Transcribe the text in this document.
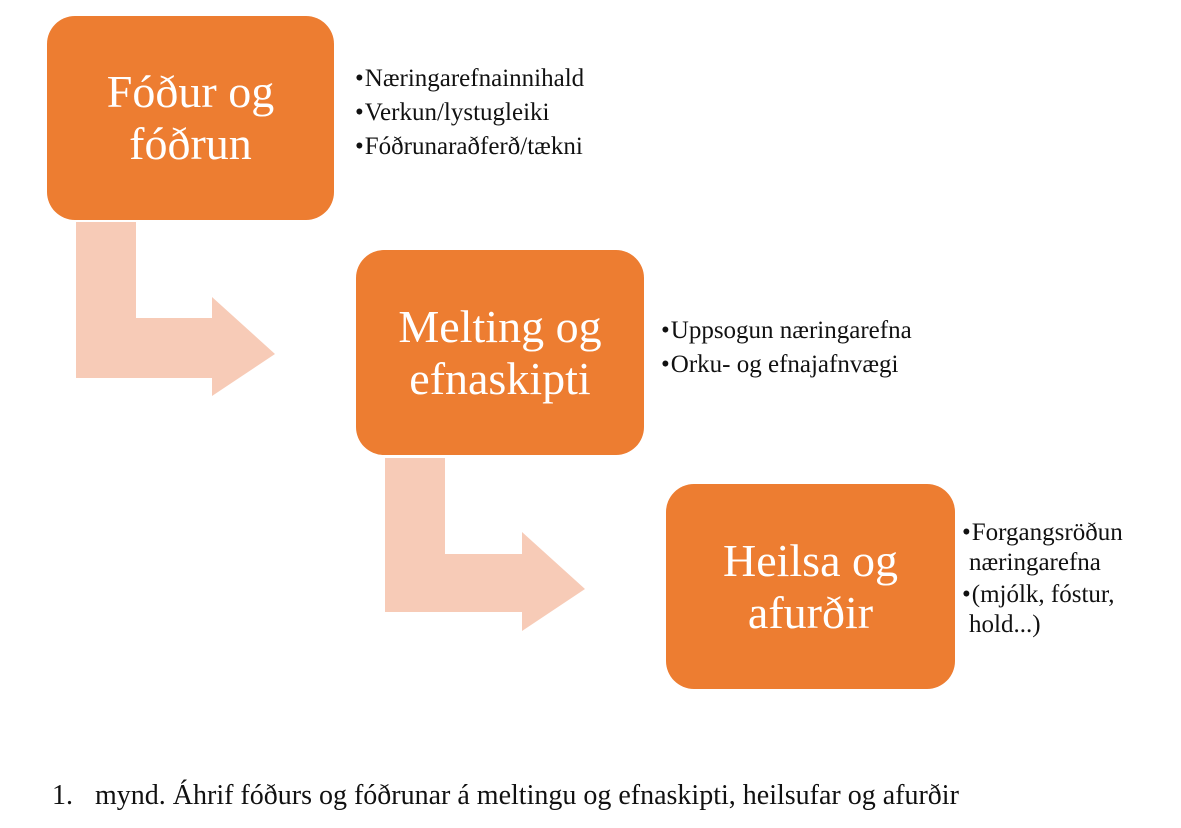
Fóður og
fóðrun
Melting og
efnaskipti
Heilsa og
afurðir
•Næringarefnainnihald
•Verkun/lystugleiki
•Fóðrunaraðferð/tækni
•Uppsogun næringarefna
•Orku- og efnajafnvægi
•Forgangsröðun næringarefna
•(mjólk, fóstur, hold...)
1. mynd. Áhrif fóðurs og fóðrunar á meltingu og efnaskipti, heilsufar og afurðir
